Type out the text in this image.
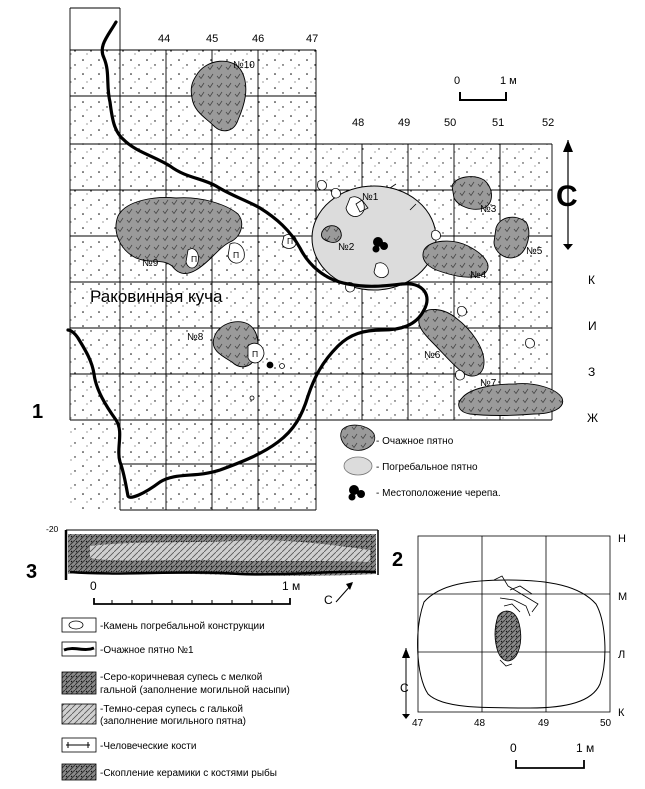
44	45	46	47
48	49	50	51	52
К
И
З
Ж
П
П	П
П
№10
№1
№2
№3
№4
№5
№6
№7
№8
№9
Раковинная куча
0	1 м
С
1
- Очажное пятно
- Погребальное пятно
- Местоположение черепа.
-20
3
0	1 м
С
-Камень погребальной конструкции
-Очажное пятно №1
-Серо-коричневая супесь с мелкой
гальной (заполнение могильной насыпи)
-Темно-серая супесь с галькой
(заполнение могильного пятна)
-Человеческие кости
-Скопление керамики с костями рыбы
47	48	49	50
Н
М
Л
К
2
С
0	1 м
